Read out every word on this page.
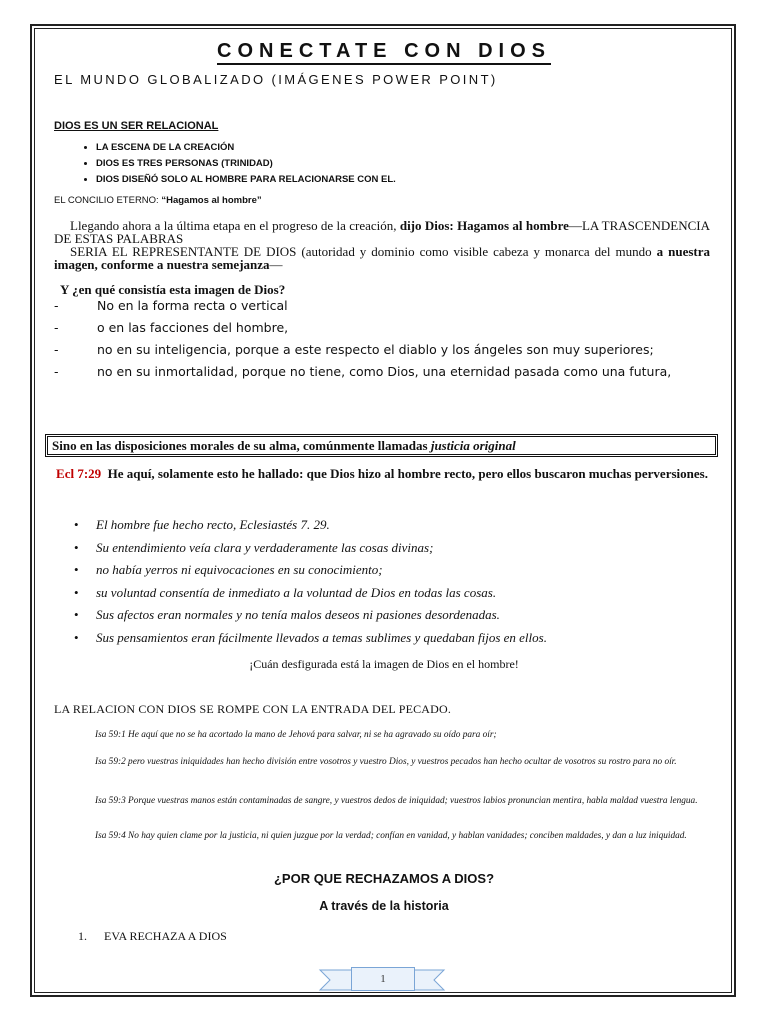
CONECTATE CON DIOS
EL MUNDO GLOBALIZADO (IMÁGENES POWER POINT)
DIOS ES UN SER RELACIONAL
• LA ESCENA DE LA CREACIÓN
• DIOS ES TRES PERSONAS (TRINIDAD)
• DIOS DISEÑÓ SOLO AL HOMBRE PARA RELACIONARSE CON EL.
EL CONCILIO ETERNO: “Hagamos al hombre”
Llegando ahora a la última etapa en el progreso de la creación, dijo Dios: Hagamos al hombre—LA TRASCENDENCIA DE ESTAS PALABRAS
SERIA EL REPRESENTANTE DE DIOS (autoridad y dominio como visible cabeza y monarca del mundo a nuestra imagen, conforme a nuestra semejanza—
Y ¿en qué consistía esta imagen de Dios?
-	No en la forma recta o vertical
-	o en las facciones del hombre,
-	no en su inteligencia, porque a este respecto el diablo y los ángeles son muy superiores;
-	no en su inmortalidad, porque no tiene, como Dios, una eternidad pasada como una futura,
Sino en las disposiciones morales de su alma, comúnmente llamadas justicia original
Ecl 7:29 He aquí, solamente esto he hallado: que Dios hizo al hombre recto, pero ellos buscaron muchas perversiones.
• El hombre fue hecho recto, Eclesiastés 7. 29.
• Su entendimiento veía clara y verdaderamente las cosas divinas;
• no había yerros ni equivocaciones en su conocimiento;
• su voluntad consentía de inmediato a la voluntad de Dios en todas las cosas.
• Sus afectos eran normales y no tenía malos deseos ni pasiones desordenadas.
• Sus pensamientos eran fácilmente llevados a temas sublimes y quedaban fijos en ellos.
¡Cuán desfigurada está la imagen de Dios en el hombre!
LA RELACION CON DIOS SE ROMPE CON LA ENTRADA DEL PECADO.
Isa 59:1 He aquí que no se ha acortado la mano de Jehová para salvar, ni se ha agravado su oído para oír;
Isa 59:2 pero vuestras iniquidades han hecho división entre vosotros y vuestro Dios, y vuestros pecados han hecho ocultar de vosotros su rostro para no oír.
Isa 59:3 Porque vuestras manos están contaminadas de sangre, y vuestros dedos de iniquidad; vuestros labios pronuncian mentira, habla maldad vuestra lengua.
Isa 59:4 No hay quien clame por la justicia, ni quien juzgue por la verdad; confían en vanidad, y hablan vanidades; conciben maldades, y dan a luz iniquidad.
¿POR QUE RECHAZAMOS A DIOS?
A través de la historia
1. EVA RECHAZA A DIOS
1
